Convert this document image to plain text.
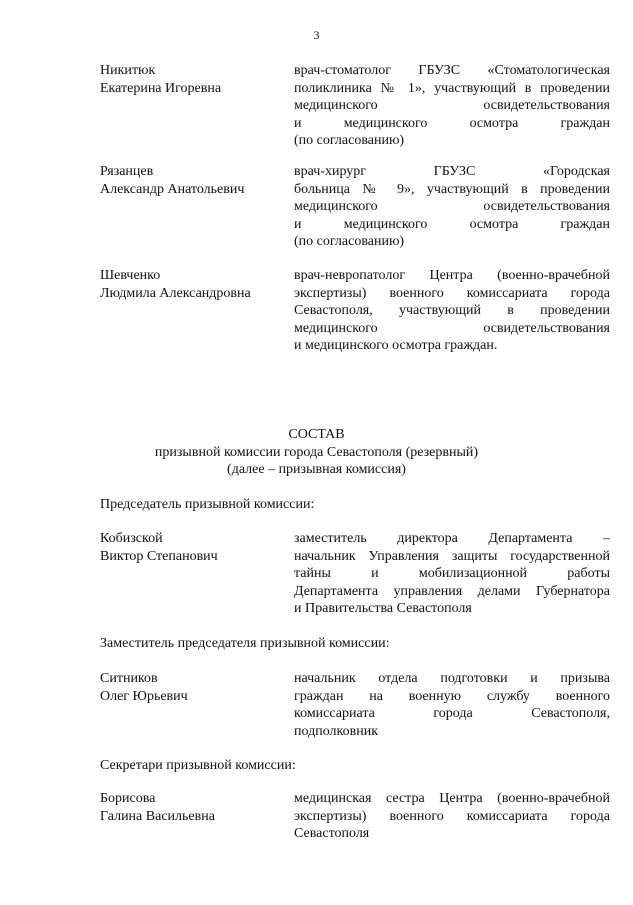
3
Никитюк
Екатерина Игоревна
врач-стоматолог ГБУЗС «Стоматологическая
поликлиника № 1», участвующий в проведении
медицинского освидетельствования
и медицинского осмотра граждан
(по согласованию)
Рязанцев
Александр Анатольевич
врач-хирург ГБУЗС «Городская
больница № 9», участвующий в проведении
медицинского освидетельствования
и медицинского осмотра граждан
(по согласованию)
Шевченко
Людмила Александровна
врач-невропатолог Центра (военно-врачебной
экспертизы) военного комиссариата города
Севастополя, участвующий в проведении
медицинского освидетельствования
и медицинского осмотра граждан.
СОСТАВ
призывной комиссии города Севастополя (резервный)
(далее – призывная комиссия)
Председатель призывной комиссии:
Кобизской
Виктор Степанович
заместитель директора Департамента –
начальник Управления защиты государственной
тайны и мобилизационной работы
Департамента управления делами Губернатора
и Правительства Севастополя
Заместитель председателя призывной комиссии:
Ситников
Олег Юрьевич
начальник отдела подготовки и призыва
граждан на военную службу военного
комиссариата города Севастополя,
подполковник
Секретари призывной комиссии:
Борисова
Галина Васильевна
медицинская сестра Центра (военно-врачебной
экспертизы) военного комиссариата города
Севастополя
